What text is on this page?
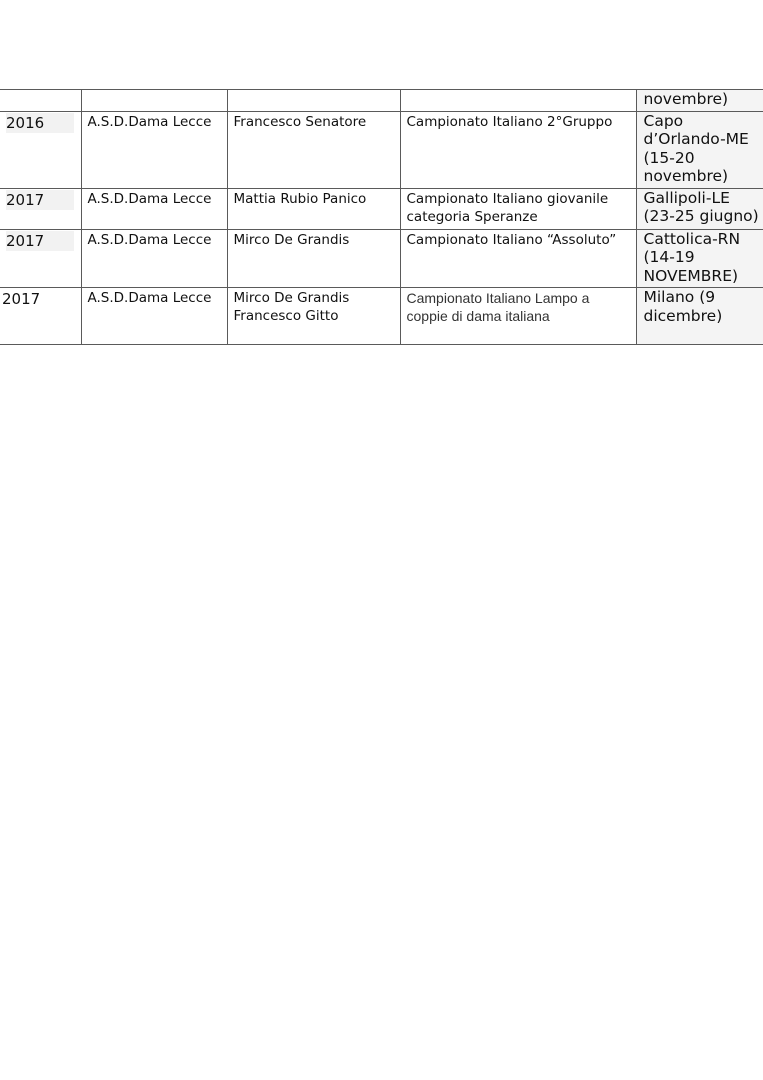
				novembre)

2016	A.S.D.Dama Lecce	Francesco Senatore	Campionato Italiano 2°Gruppo	Capo d’Orlando-ME (15-20 novembre)

2017	A.S.D.Dama Lecce	Mattia Rubio Panico	Campionato Italiano giovanile categoria Speranze	Gallipoli-LE (23-25 giugno)

2017	A.S.D.Dama Lecce	Mirco De Grandis	Campionato Italiano “Assoluto”	Cattolica-RN (14-19 NOVEMBRE)

2017	A.S.D.Dama Lecce	Mirco De Grandis
Francesco Gitto	Campionato Italiano Lampo a coppie di dama italiana	Milano (9 dicembre)
